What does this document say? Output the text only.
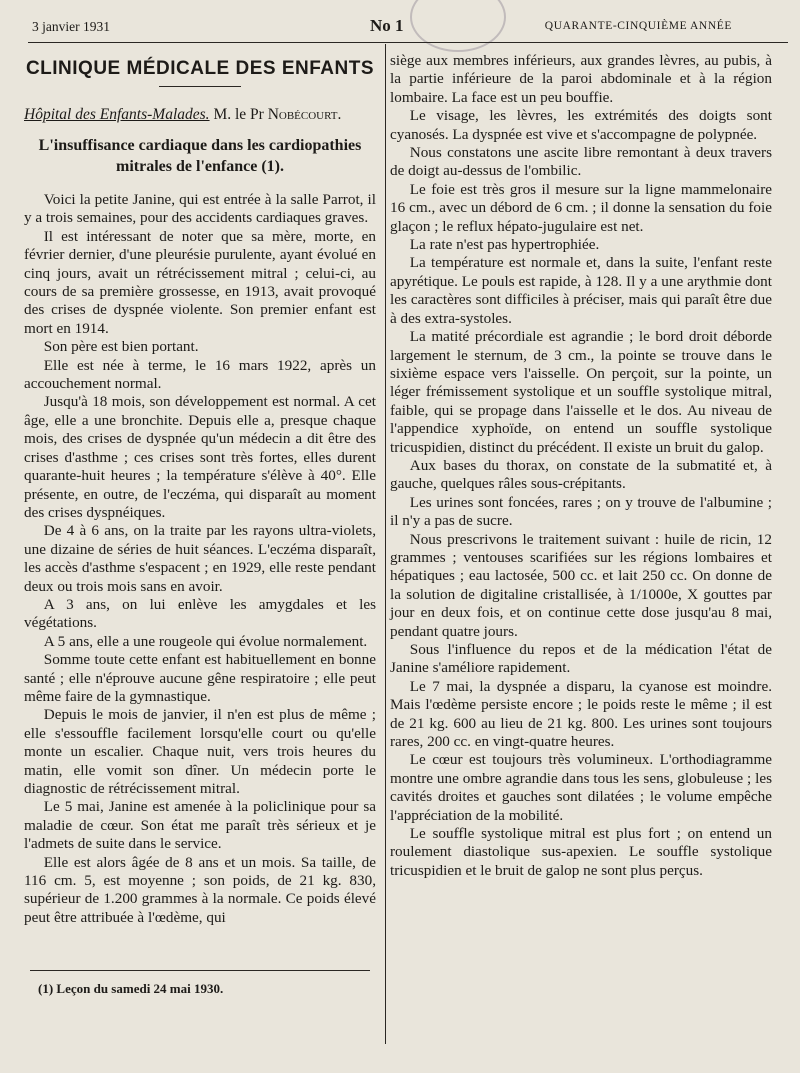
3 janvier 1931	No 1	QUARANTE-CINQUIÈME ANNÉE
CLINIQUE MÉDICALE DES ENFANTS
Hôpital des Enfants-Malades. M. le Pr Nobécourt.
L'insuffisance cardiaque dans les cardiopathies mitrales de l'enfance (1).

Voici la petite Janine, qui est entrée à la salle Parrot, il y a trois semaines, pour des accidents cardiaques graves.

Il est intéressant de noter que sa mère, morte, en février dernier, d'une pleurésie purulente, ayant évolué en cinq jours, avait un rétrécissement mitral ; celui-ci, au cours de sa première grossesse, en 1913, avait provoqué des crises de dyspnée violente. Son premier enfant est mort en 1914.

Son père est bien portant.

Elle est née à terme, le 16 mars 1922, après un accouchement normal.

Jusqu'à 18 mois, son développement est normal. A cet âge, elle a une bronchite. Depuis elle a, presque chaque mois, des crises de dyspnée qu'un médecin a dit être des crises d'asthme ; ces crises sont très fortes, elles durent quarante-huit heures ; la température s'élève à 40°. Elle présente, en outre, de l'eczéma, qui disparaît au moment des crises dyspnéiques.

De 4 à 6 ans, on la traite par les rayons ultra-violets, une dizaine de séries de huit séances. L'eczéma disparaît, les accès d'asthme s'espacent ; en 1929, elle reste pendant deux ou trois mois sans en avoir.

A 3 ans, on lui enlève les amygdales et les végétations.

A 5 ans, elle a une rougeole qui évolue normalement.

Somme toute cette enfant est habituellement en bonne santé ; elle n'éprouve aucune gêne respiratoire ; elle peut même faire de la gymnastique.

Depuis le mois de janvier, il n'en est plus de même ; elle s'essouffle facilement lorsqu'elle court ou qu'elle monte un escalier. Chaque nuit, vers trois heures du matin, elle vomit son dîner. Un médecin porte le diagnostic de rétrécissement mitral.

Le 5 mai, Janine est amenée à la policlinique pour sa maladie de cœur. Son état me paraît très sérieux et je l'admets de suite dans le service.

Elle est alors âgée de 8 ans et un mois. Sa taille, de 116 cm. 5, est moyenne ; son poids, de 21 kg. 830, supérieur de 1.200 grammes à la normale. Ce poids élevé peut être attribuée à l'œdème, qui

(1) Leçon du samedi 24 mai 1930.

siège aux membres inférieurs, aux grandes lèvres, au pubis, à la partie inférieure de la paroi abdominale et à la région lombaire. La face est un peu bouffie.

Le visage, les lèvres, les extrémités des doigts sont cyanosés. La dyspnée est vive et s'accompagne de polypnée.

Nous constatons une ascite libre remontant à deux travers de doigt au-dessus de l'ombilic.

Le foie est très gros il mesure sur la ligne mammelonaire 16 cm., avec un débord de 6 cm. ; il donne la sensation du foie glaçon ; le reflux hépato-jugulaire est net.

La rate n'est pas hypertrophiée.

La température est normale et, dans la suite, l'enfant reste apyrétique. Le pouls est rapide, à 128. Il y a une arythmie dont les caractères sont difficiles à préciser, mais qui paraît être due à des extra-systoles.

La matité précordiale est agrandie ; le bord droit déborde largement le sternum, de 3 cm., la pointe se trouve dans le sixième espace vers l'aisselle. On perçoit, sur la pointe, un léger frémissement systolique et un souffle systolique mitral, faible, qui se propage dans l'aisselle et le dos. Au niveau de l'appendice xyphoïde, on entend un souffle systolique tricuspidien, distinct du précédent. Il existe un bruit du galop.

Aux bases du thorax, on constate de la submatité et, à gauche, quelques râles sous-crépitants.

Les urines sont foncées, rares ; on y trouve de l'albumine ; il n'y a pas de sucre.

Nous prescrivons le traitement suivant : huile de ricin, 12 grammes ; ventouses scarifiées sur les régions lombaires et hépatiques ; eau lactosée, 500 cc. et lait 250 cc. On donne de la solution de digitaline cristallisée, à 1/1000e, X gouttes par jour en deux fois, et on continue cette dose jusqu'au 8 mai, pendant quatre jours.

Sous l'influence du repos et de la médication l'état de Janine s'améliore rapidement.

Le 7 mai, la dyspnée a disparu, la cyanose est moindre. Mais l'œdème persiste encore ; le poids reste le même ; il est de 21 kg. 600 au lieu de 21 kg. 800. Les urines sont toujours rares, 200 cc. en vingt-quatre heures.

Le cœur est toujours très volumineux. L'orthodiagramme montre une ombre agrandie dans tous les sens, globuleuse ; les cavités droites et gauches sont dilatées ; le volume empêche l'appréciation de la mobilité.

Le souffle systolique mitral est plus fort ; on entend un roulement diastolique sus-apexien. Le souffle systolique tricuspidien et le bruit de galop ne sont plus perçus.
